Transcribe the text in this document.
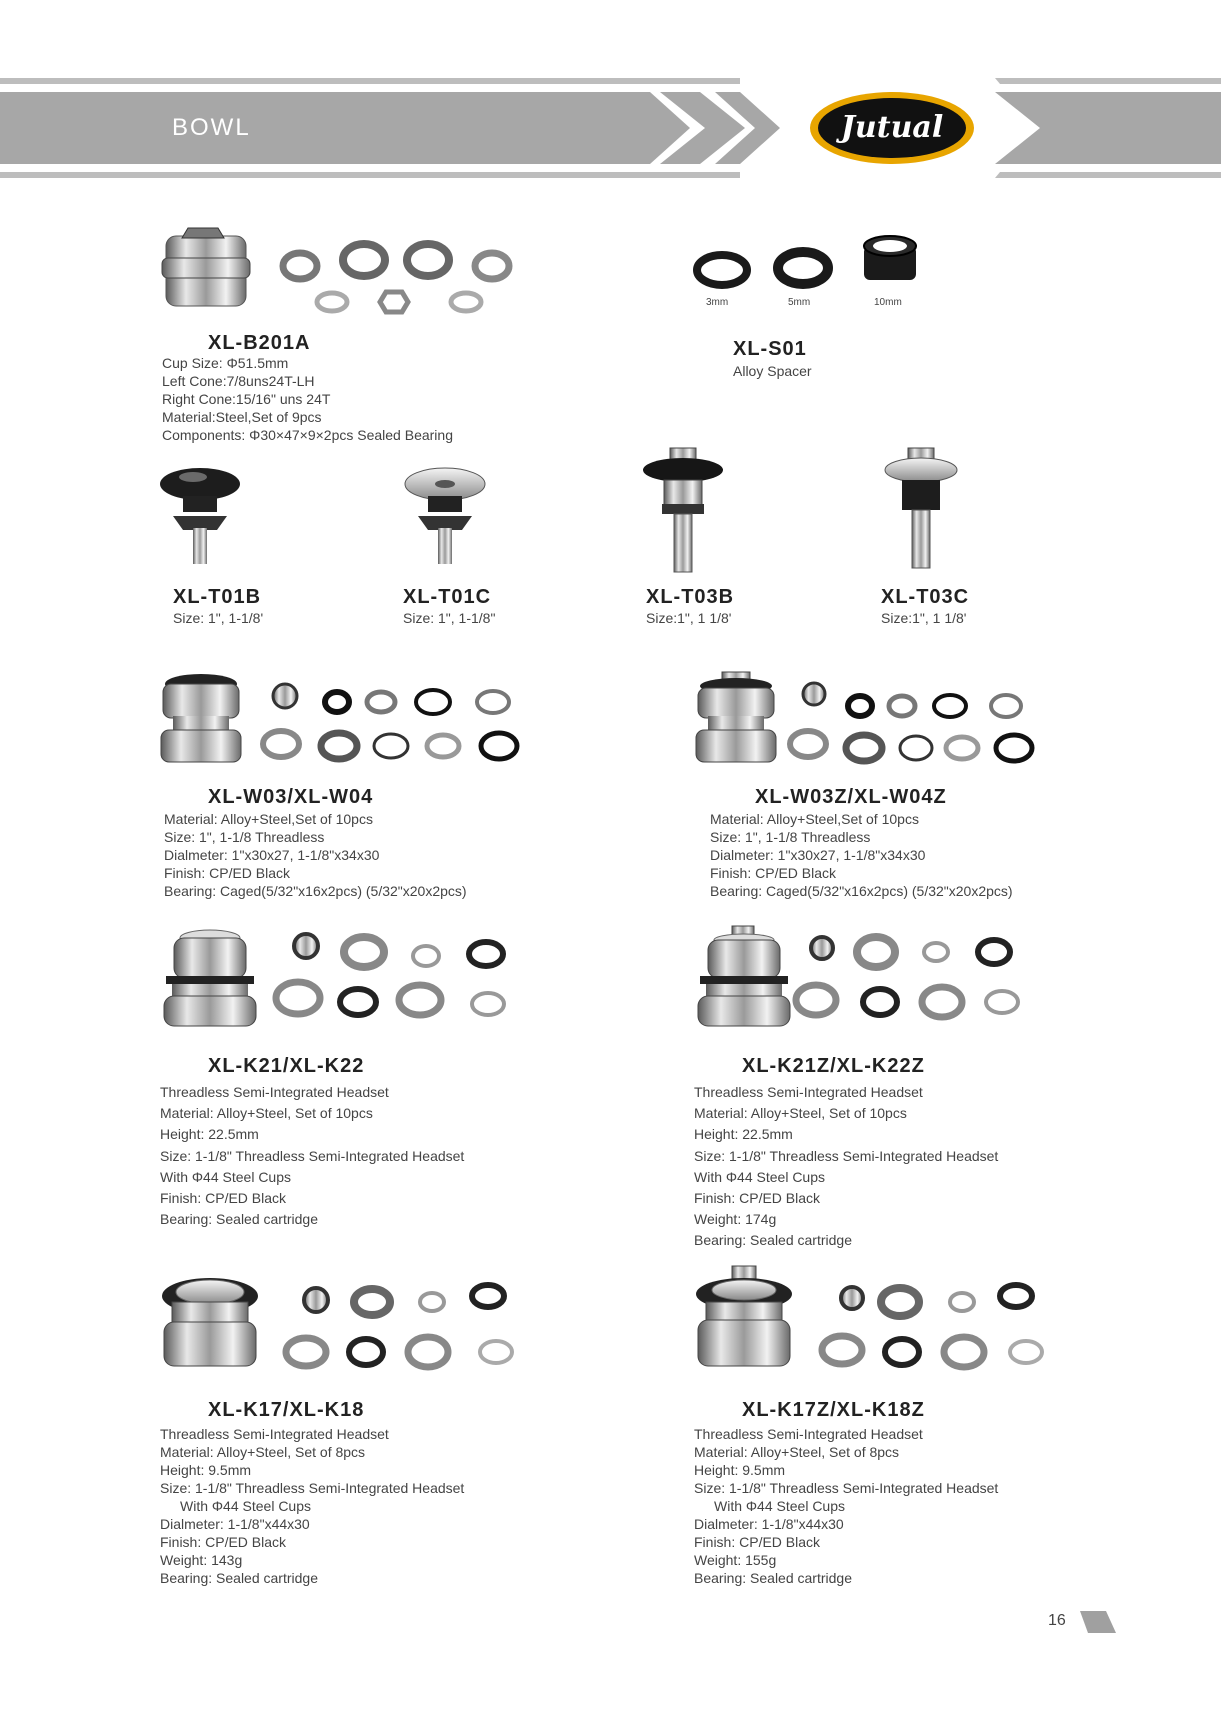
BOWL	Jutual
XL-B201A
Cup Size: Φ51.5mm
Left Cone:7/8uns24T-LH
Right Cone:15/16" uns 24T
Material:Steel,Set of 9pcs
Components: Φ30×47×9×2pcs Sealed Bearing
3mm	5mm	10mm
XL-S01
Alloy Spacer
XL-T01B
Size: 1", 1-1/8'
XL-T01C
Size: 1", 1-1/8"
XL-T03B
Size:1", 1 1/8'
XL-T03C
Size:1", 1 1/8'
XL-W03/XL-W04
Material: Alloy+Steel,Set of 10pcs
Size: 1", 1-1/8 Threadless
Dialmeter: 1"x30x27, 1-1/8"x34x30
Finish: CP/ED Black
Bearing: Caged(5/32"x16x2pcs) (5/32"x20x2pcs)
XL-W03Z/XL-W04Z
Material: Alloy+Steel,Set of 10pcs
Size: 1", 1-1/8 Threadless
Dialmeter: 1"x30x27, 1-1/8"x34x30
Finish: CP/ED Black
Bearing: Caged(5/32"x16x2pcs) (5/32"x20x2pcs)
XL-K21/XL-K22
Threadless Semi-Integrated Headset
Material: Alloy+Steel, Set of 10pcs
Height: 22.5mm
Size: 1-1/8" Threadless Semi-Integrated Headset
With Φ44 Steel Cups
Finish: CP/ED Black
Bearing: Sealed cartridge
XL-K21Z/XL-K22Z
Threadless Semi-Integrated Headset
Material: Alloy+Steel, Set of 10pcs
Height: 22.5mm
Size: 1-1/8" Threadless Semi-Integrated Headset
With Φ44 Steel Cups
Finish: CP/ED Black
Weight: 174g
Bearing: Sealed cartridge
XL-K17/XL-K18
Threadless Semi-Integrated Headset
Material: Alloy+Steel, Set of 8pcs
Height: 9.5mm
Size: 1-1/8" Threadless Semi-Integrated Headset
With Φ44 Steel Cups
Dialmeter: 1-1/8"x44x30
Finish: CP/ED Black
Weight: 143g
Bearing: Sealed cartridge
XL-K17Z/XL-K18Z
Threadless Semi-Integrated Headset
Material: Alloy+Steel, Set of 8pcs
Height: 9.5mm
Size: 1-1/8" Threadless Semi-Integrated Headset
With Φ44 Steel Cups
Dialmeter: 1-1/8"x44x30
Finish: CP/ED Black
Weight: 155g
Bearing: Sealed cartridge
16
